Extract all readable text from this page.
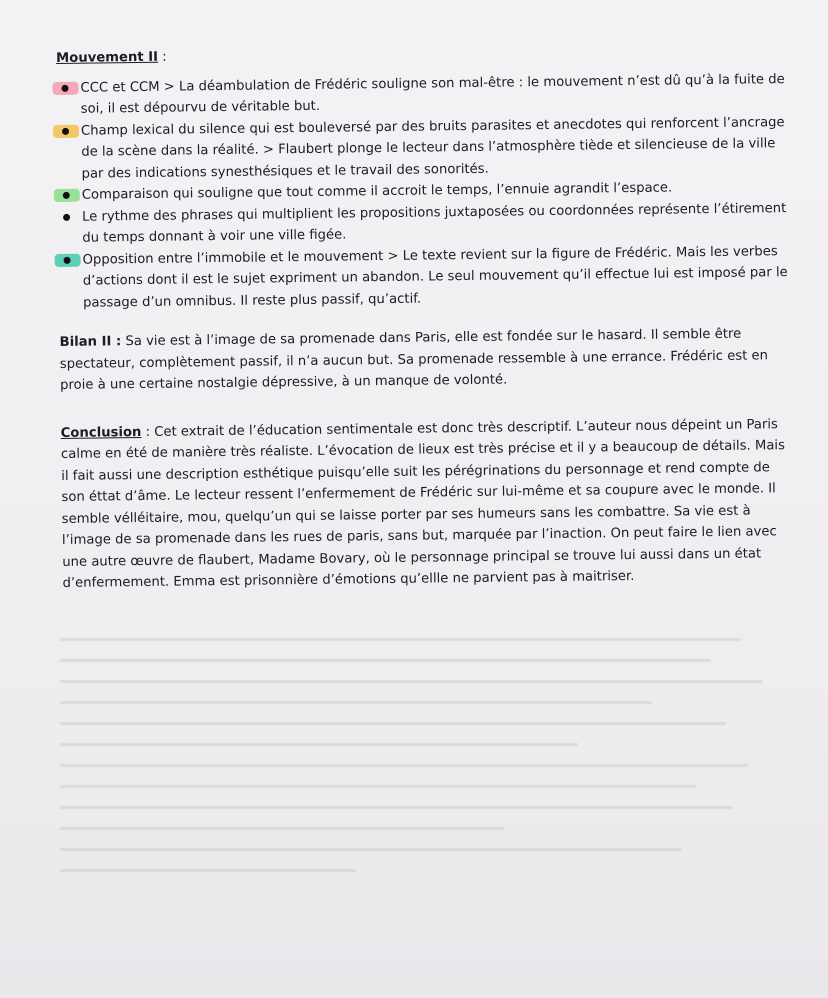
Mouvement II :
CCC et CCM > La déambulation de Frédéric souligne son mal-être : le mouvement n’est dû qu’à la fuite de soi, il est dépourvu de véritable but.
Champ lexical du silence qui est bouleversé par des bruits parasites et anecdotes qui renforcent l’ancrage de la scène dans la réalité. > Flaubert plonge le lecteur dans l’atmosphère tiède et silencieuse de la ville par des indications synesthésiques et le travail des sonorités.
Comparaison qui souligne que tout comme il accroit le temps, l’ennuie agrandit l’espace.
Le rythme des phrases qui multiplient les propositions juxtaposées ou coordonnées représente l’étirement du temps donnant à voir une ville figée.
Opposition entre l’immobile et le mouvement > Le texte revient sur la figure de Frédéric. Mais les verbes d’actions dont il est le sujet expriment un abandon. Le seul mouvement qu’il effectue lui est imposé par le passage d’un omnibus. Il reste plus passif, qu’actif.

Bilan II : Sa vie est à l’image de sa promenade dans Paris, elle est fondée sur le hasard. Il semble être spectateur, complètement passif, il n’a aucun but. Sa promenade ressemble à une errance. Frédéric est en proie à une certaine nostalgie dépressive, à un manque de volonté.

Conclusion : Cet extrait de l’éducation sentimentale est donc très descriptif. L’auteur nous dépeint un Paris calme en été de manière très réaliste. L’évocation de lieux est très précise et il y a beaucoup de détails. Mais il fait aussi une description esthétique puisqu’elle suit les pérégrinations du personnage et rend compte de son éttat d’âme. Le lecteur ressent l’enfermement de Frédéric sur lui-même et sa coupure avec le monde. Il semble vélléitaire, mou, quelqu’un qui se laisse porter par ses humeurs sans les combattre. Sa vie est à l’image de sa promenade dans les rues de paris, sans but, marquée par l’inaction. On peut faire le lien avec une autre œuvre de flaubert, Madame Bovary, où le personnage principal se trouve lui aussi dans un état d’enfermement. Emma est prisonnière d’émotions qu’ellle ne parvient pas à maitriser.
